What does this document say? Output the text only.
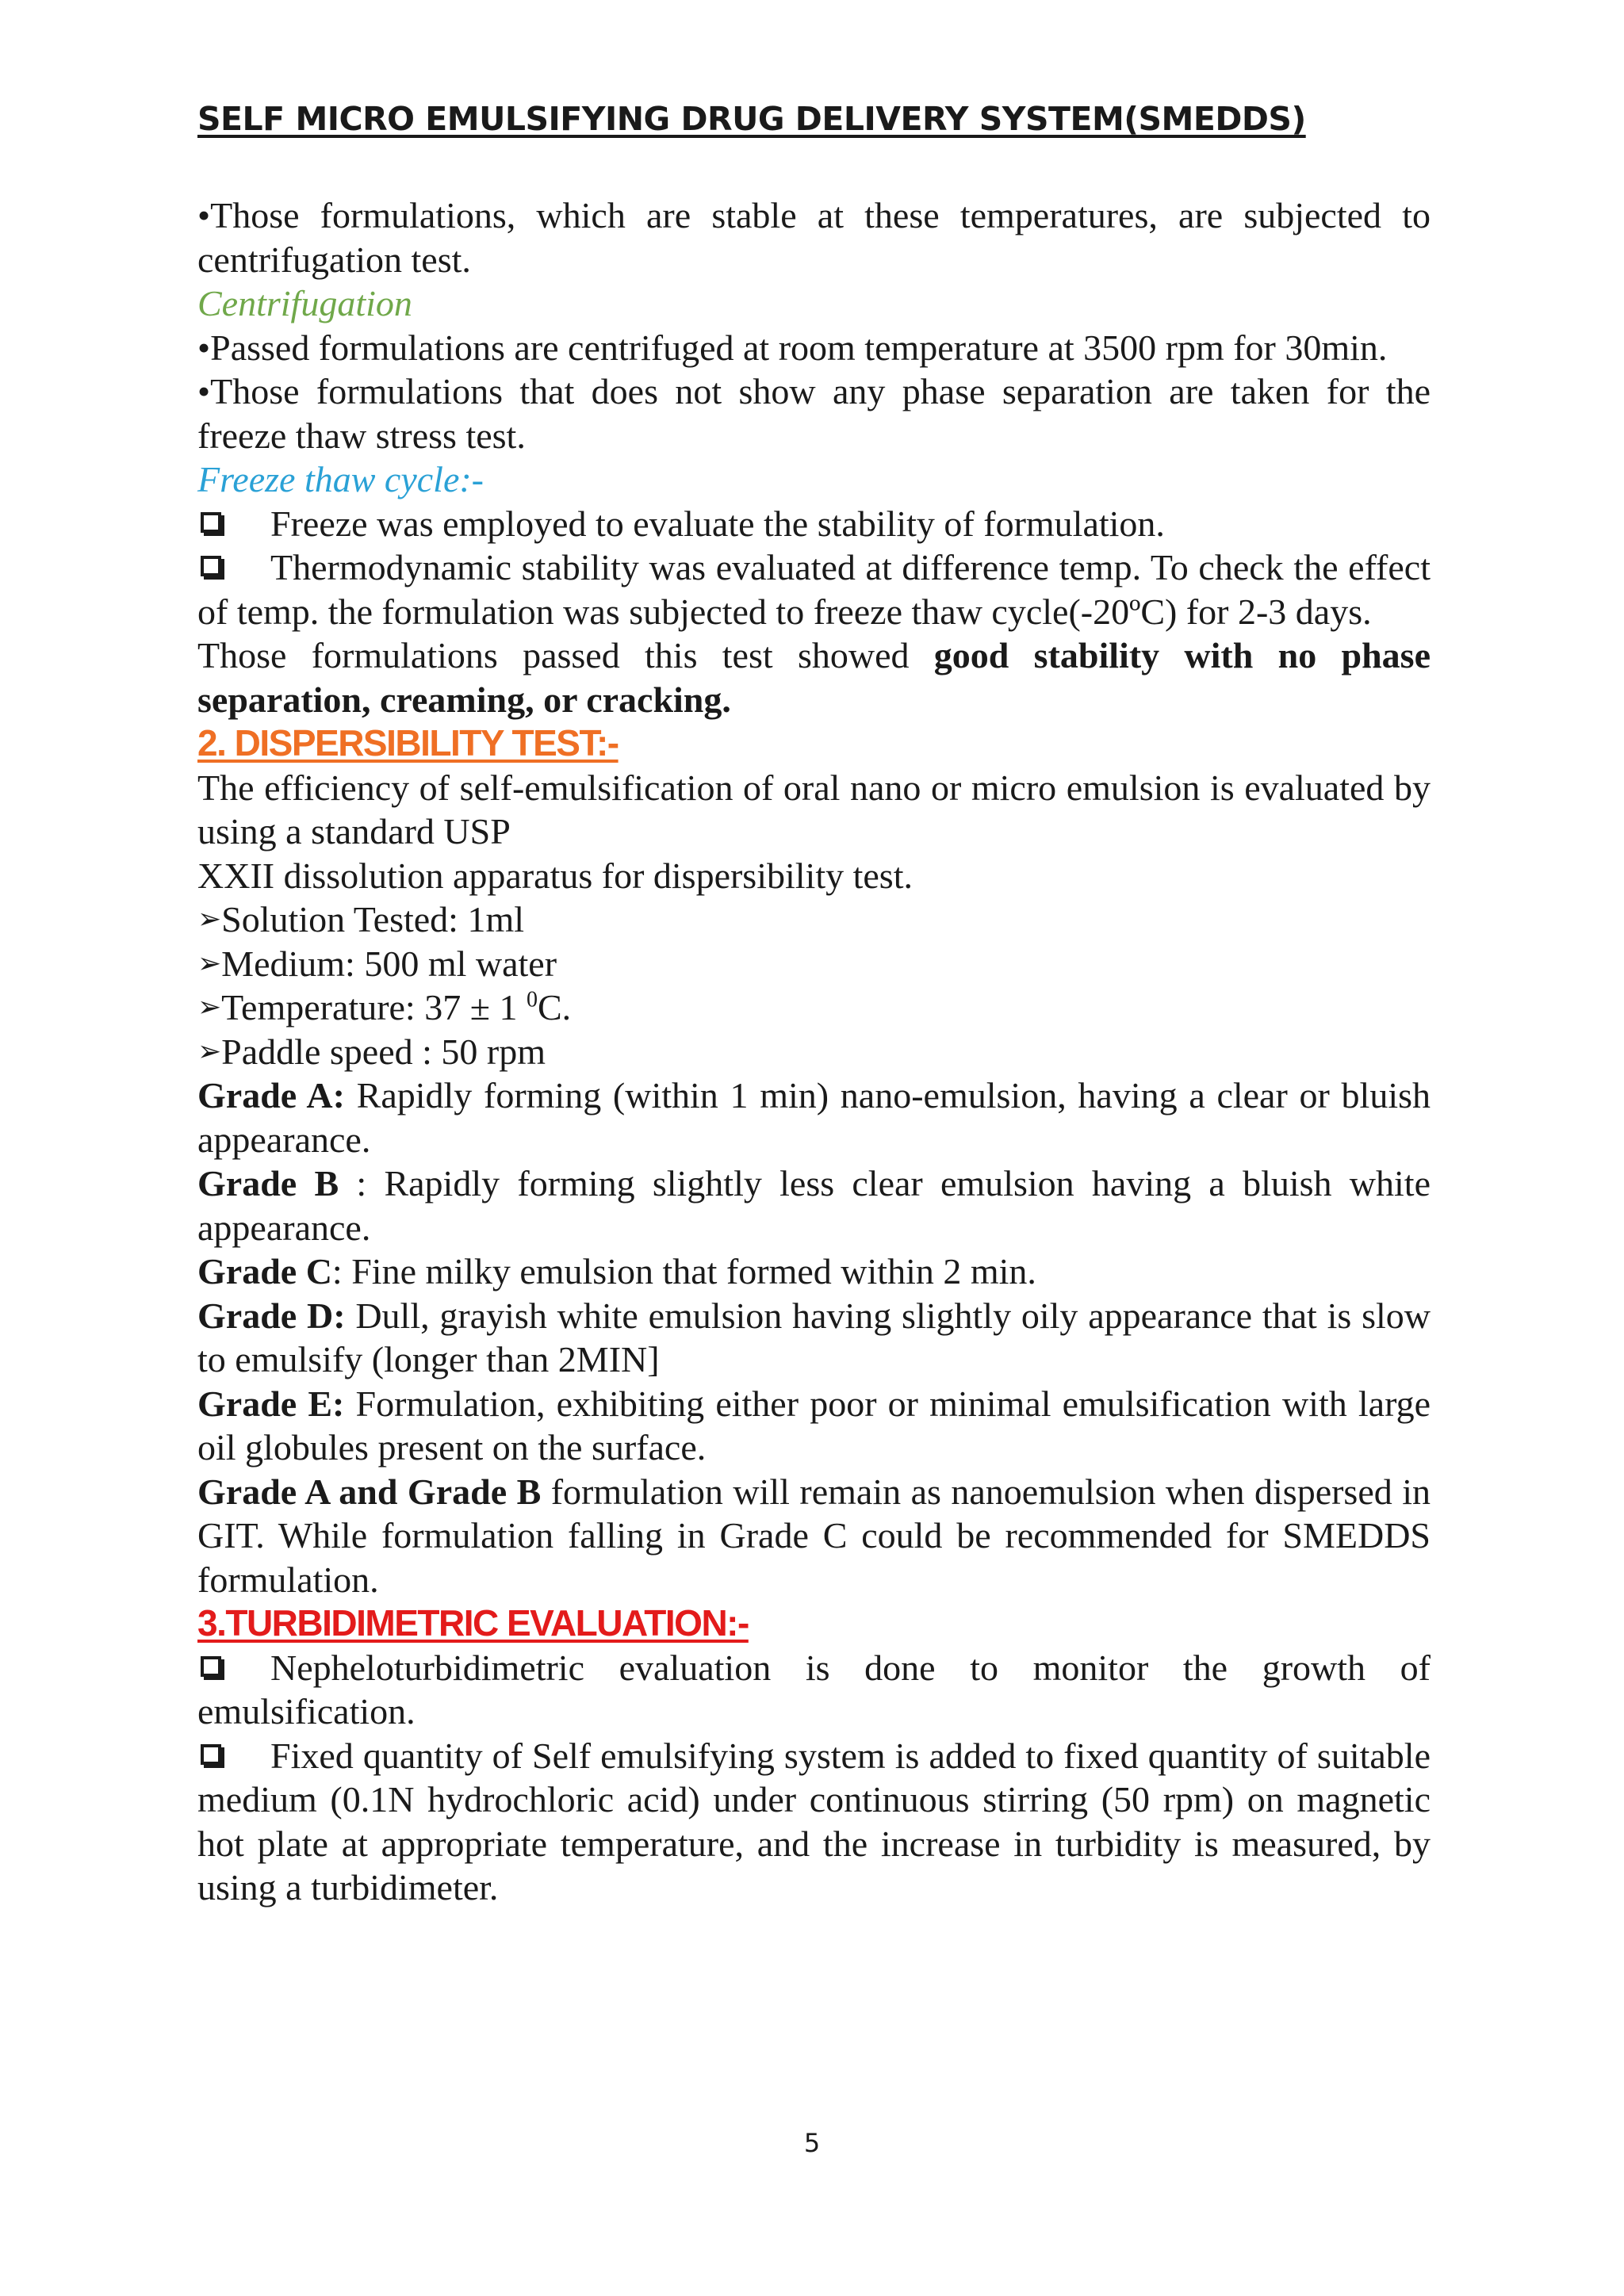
SELF MICRO EMULSIFYING DRUG DELIVERY SYSTEM(SMEDDS)

•Those formulations, which are stable at these temperatures, are subjected to centrifugation test.

Centrifugation

•Passed formulations are centrifuged at room temperature at 3500 rpm for 30min.

•Those formulations that does not show any phase separation are taken for the freeze thaw stress test.

Freeze thaw cycle:-

Freeze was employed to evaluate the stability of formulation.

Thermodynamic stability was evaluated at difference temp. To check the effect of temp. the formulation was subjected to freeze thaw cycle(-20ºC) for 2-3 days.

Those formulations passed this test showed good stability with no phase separation, creaming, or cracking.

2. DISPERSIBILITY TEST:-

The efficiency of self-emulsification of oral nano or micro emulsion is evaluated by using a standard USP

XXII dissolution apparatus for dispersibility test.

➢Solution Tested: 1ml

➢Medium: 500 ml water

➢Temperature: 37 ± 1 $^0$C.

➢Paddle speed : 50 rpm

Grade A: Rapidly forming (within 1 min) nano-emulsion, having a clear or bluish appearance.

Grade B : Rapidly forming slightly less clear emulsion having a bluish white appearance.

Grade C: Fine milky emulsion that formed within 2 min.

Grade D: Dull, grayish white emulsion having slightly oily appearance that is slow to emulsify (longer than 2MIN]

Grade E: Formulation, exhibiting either poor or minimal emulsification with large oil globules present on the surface.

Grade A and Grade B formulation will remain as nanoemulsion when dispersed in GIT. While formulation falling in Grade C could be recommended for SMEDDS formulation.

3.TURBIDIMETRIC EVALUATION:-

Nepheloturbidimetric evaluation is done to monitor the growth of emulsification.

Fixed quantity of Self emulsifying system is added to fixed quantity of suitable medium (0.1N hydrochloric acid) under continuous stirring (50 rpm) on magnetic hot plate at appropriate temperature, and the increase in turbidity is measured, by using a turbidimeter.

5
